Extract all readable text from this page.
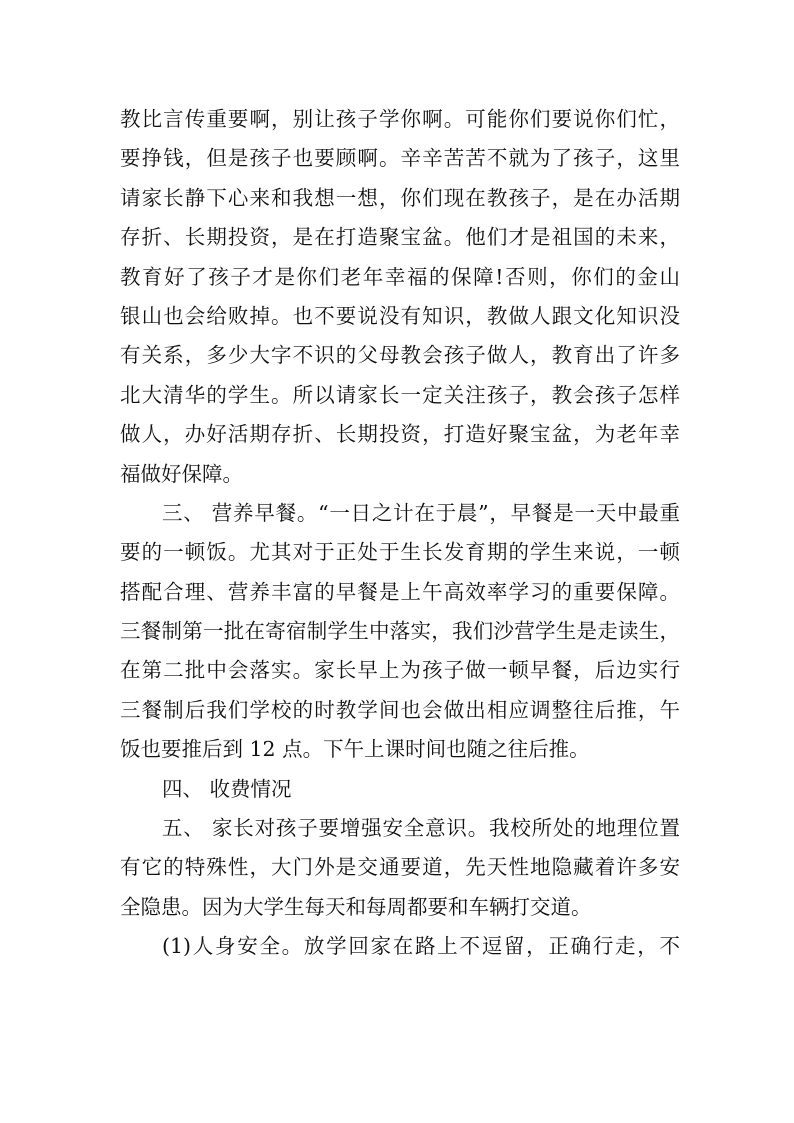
教比言传重要啊，别让孩子学你啊。可能你们要说你们忙，
要挣钱，但是孩子也要顾啊。辛辛苦苦不就为了孩子，这里
请家长静下心来和我想一想，你们现在教孩子，是在办活期
存折、长期投资，是在打造聚宝盆。他们才是祖国的未来，
教育好了孩子才是你们老年幸福的保障!否则，你们的金山
银山也会给败掉。也不要说没有知识，教做人跟文化知识没
有关系，多少大字不识的父母教会孩子做人，教育出了许多
北大清华的学生。所以请家长一定关注孩子，教会孩子怎样
做人，办好活期存折、长期投资，打造好聚宝盆，为老年幸
福做好保障。
三、 营养早餐。“一日之计在于晨”，早餐是一天中最重
要的一顿饭。尤其对于正处于生长发育期的学生来说，一顿
搭配合理、营养丰富的早餐是上午高效率学习的重要保障。
三餐制第一批在寄宿制学生中落实，我们沙营学生是走读生，
在第二批中会落实。家长早上为孩子做一顿早餐，后边实行
三餐制后我们学校的时教学间也会做出相应调整往后推，午
饭也要推后到 12 点。下午上课时间也随之往后推。
四、 收费情况
五、 家长对孩子要增强安全意识。我校所处的地理位置
有它的特殊性，大门外是交通要道，先天性地隐藏着许多安
全隐患。因为大学生每天和每周都要和车辆打交道。
(1)人身安全。放学回家在路上不逗留，正确行走，不
